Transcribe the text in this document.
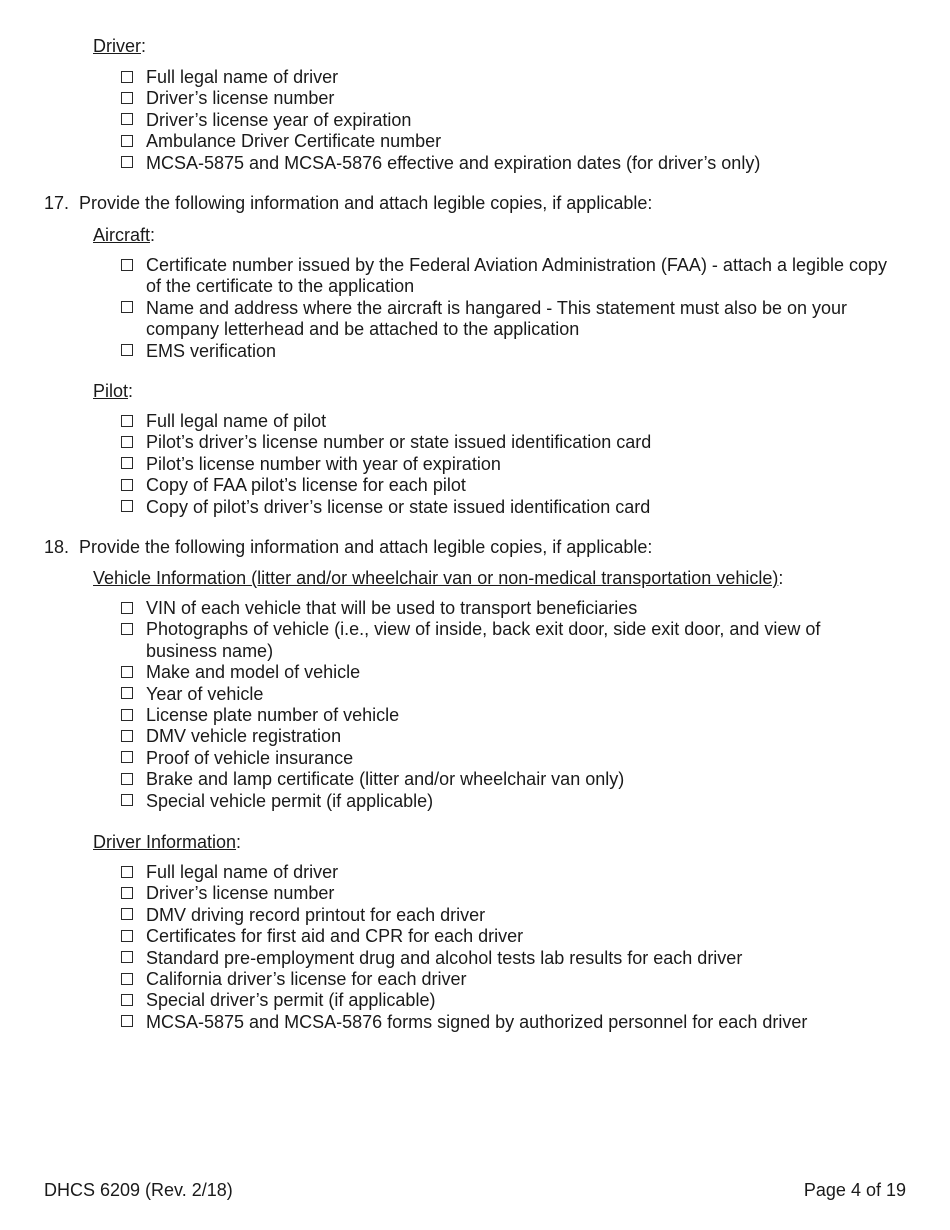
Driver:
Full legal name of driver
Driver’s license number
Driver’s license year of expiration
Ambulance Driver Certificate number
MCSA-5875 and MCSA-5876 effective and expiration dates (for driver’s only)
17. Provide the following information and attach legible copies, if applicable:
Aircraft:
Certificate number issued by the Federal Aviation Administration (FAA) - attach a legible copy of the certificate to the application
Name and address where the aircraft is hangared - This statement must also be on your company letterhead and be attached to the application
EMS verification
Pilot:
Full legal name of pilot
Pilot’s driver’s license number or state issued identification card
Pilot’s license number with year of expiration
Copy of FAA pilot’s license for each pilot
Copy of pilot’s driver’s license or state issued identification card
18. Provide the following information and attach legible copies, if applicable:
Vehicle Information (litter and/or wheelchair van or non-medical transportation vehicle):
VIN of each vehicle that will be used to transport beneficiaries
Photographs of vehicle (i.e., view of inside, back exit door, side exit door, and view of business name)
Make and model of vehicle
Year of vehicle
License plate number of vehicle
DMV vehicle registration
Proof of vehicle insurance
Brake and lamp certificate (litter and/or wheelchair van only)
Special vehicle permit (if applicable)
Driver Information:
Full legal name of driver
Driver’s license number
DMV driving record printout for each driver
Certificates for first aid and CPR for each driver
Standard pre-employment drug and alcohol tests lab results for each driver
California driver’s license for each driver
Special driver’s permit (if applicable)
MCSA-5875 and MCSA-5876 forms signed by authorized personnel for each driver
DHCS 6209 (Rev. 2/18)	Page 4 of 19
